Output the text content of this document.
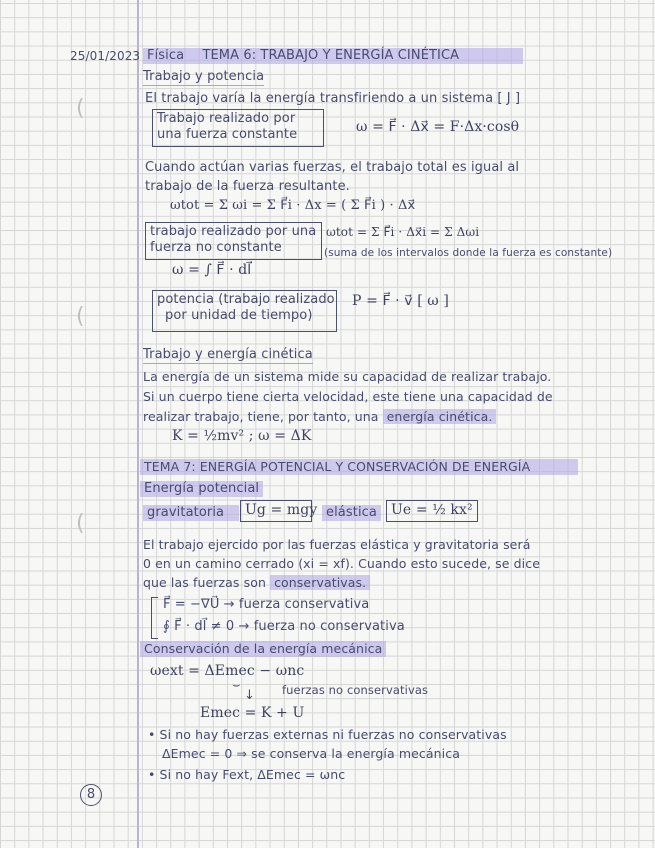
(
(
(
25/01/2023 Física TEMA 6: TRABAJO Y ENERGÍA CINÉTICA
Trabajo y potencia
El trabajo varía la energía transfiriendo a un sistema [ J ]
Trabajo realizado por
una fuerza constante	ω = F⃗ · Δx⃗ = F·Δx·cosθ
Cuando actúan varias fuerzas, el trabajo total es igual al
trabajo de la fuerza resultante.
ωtot = Σ ωi = Σ F⃗i · Δx = ( Σ F⃗i ) · Δx⃗
trabajo realizado por una
fuerza no constante
ωtot = Σ F⃗i · Δx⃗i = Σ Δωi
(suma de los intervalos donde la fuerza es constante)
ω = ∫ F⃗ · dl⃗
potencia (trabajo realizado
por unidad de tiempo)
P = F⃗ · v⃗ [ ω ]
Trabajo y energía cinética
La energía de un sistema mide su capacidad de realizar trabajo.
Si un cuerpo tiene cierta velocidad, este tiene una capacidad de
realizar trabajo, tiene, por tanto, una energía cinética.
K = ½mv² ; ω = ΔK
TEMA 7: ENERGÍA POTENCIAL Y CONSERVACIÓN DE ENERGÍA
Energía potencial
gravitatoria	Ug = mgy elástica Ue = ½ kx²
El trabajo ejercido por las fuerzas elástica y gravitatoria será
0 en un camino cerrado (xi = xf). Cuando esto sucede, se dice
que las fuerzas son conservativas.
F⃗ = −∇U⃗ → fuerza conservativa
∮ F⃗ · dl⃗ ≠ 0 → fuerza no conservativa
Conservación de la energía mecánica
ωext = ΔEmec − ωnc
⌣
↓ fuerzas no conservativas
Emec = K + U
• Si no hay fuerzas externas ni fuerzas no conservativas
ΔEmec = 0 ⇒ se conserva la energía mecánica
• Si no hay Fext, ΔEmec = ωnc
8
